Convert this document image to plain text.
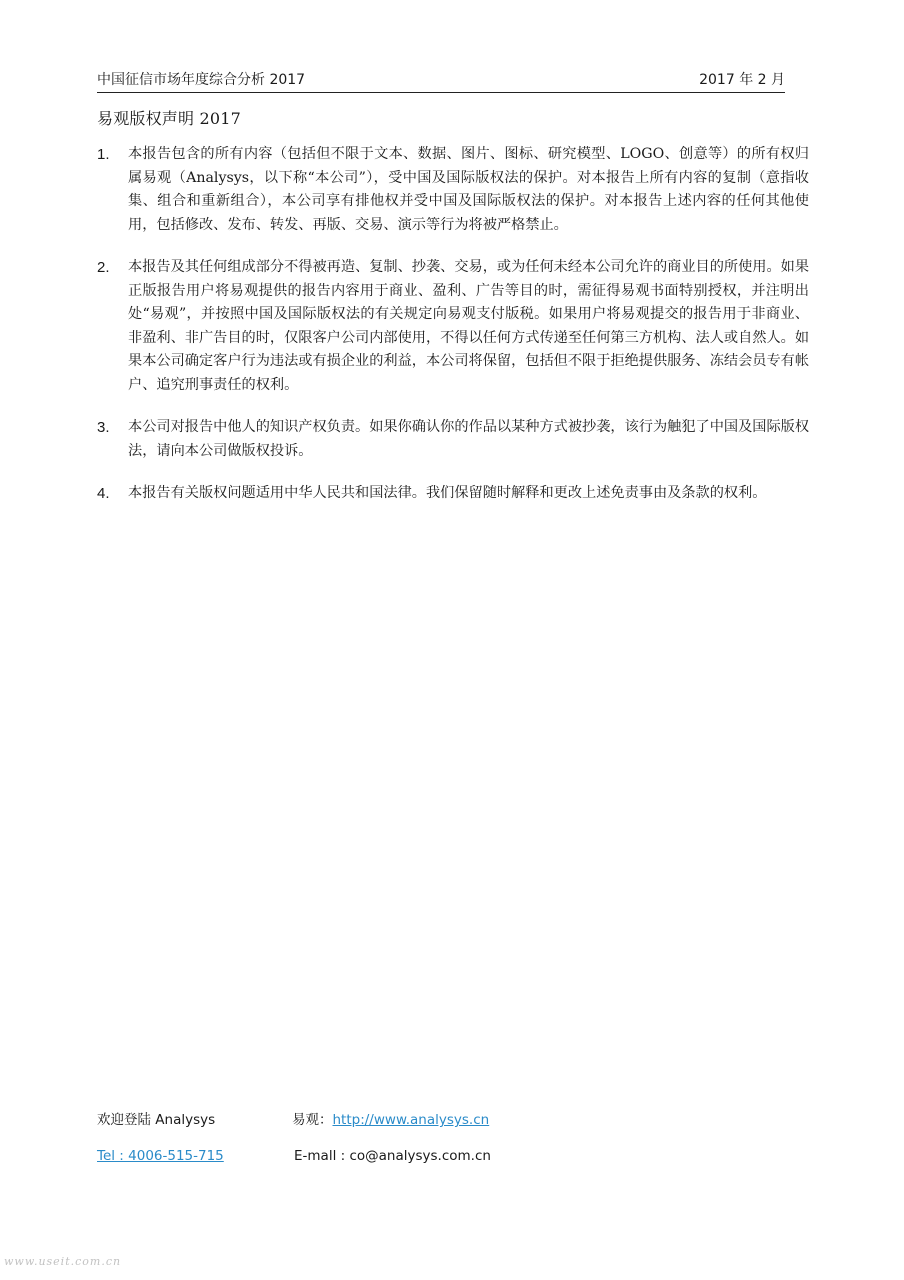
中国征信市场年度综合分析 2017	2017 年 2 月
易观版权声明 2017
1. 本报告包含的所有内容（包括但不限于文本、数据、图片、图标、研究模型、LOGO、创意等）的所有权归属易观（Analysys，以下称“本公司”），受中国及国际版权法的保护。对本报告上所有内容的复制（意指收集、组合和重新组合），本公司享有排他权并受中国及国际版权法的保护。对本报告上述内容的任何其他使用，包括修改、发布、转发、再版、交易、演示等行为将被严格禁止。
2. 本报告及其任何组成部分不得被再造、复制、抄袭、交易，或为任何未经本公司允许的商业目的所使用。如果正版报告用户将易观提供的报告内容用于商业、盈利、广告等目的时，需征得易观书面特别授权，并注明出处“易观”，并按照中国及国际版权法的有关规定向易观支付版税。如果用户将易观提交的报告用于非商业、非盈利、非广告目的时，仅限客户公司内部使用，不得以任何方式传递至任何第三方机构、法人或自然人。如果本公司确定客户行为违法或有损企业的利益，本公司将保留，包括但不限于拒绝提供服务、冻结会员专有帐户、追究刑事责任的权利。
3. 本公司对报告中他人的知识产权负责。如果你确认你的作品以某种方式被抄袭，该行为触犯了中国及国际版权法，请向本公司做版权投诉。
4. 本报告有关版权问题适用中华人民共和国法律。我们保留随时解释和更改上述免责事由及条款的权利。
欢迎登陆 Analysys	易观：http://www.analysys.cn
Tel : 4006-515-715	E-mall : co@analysys.com.cn
www.useit.com.cn
